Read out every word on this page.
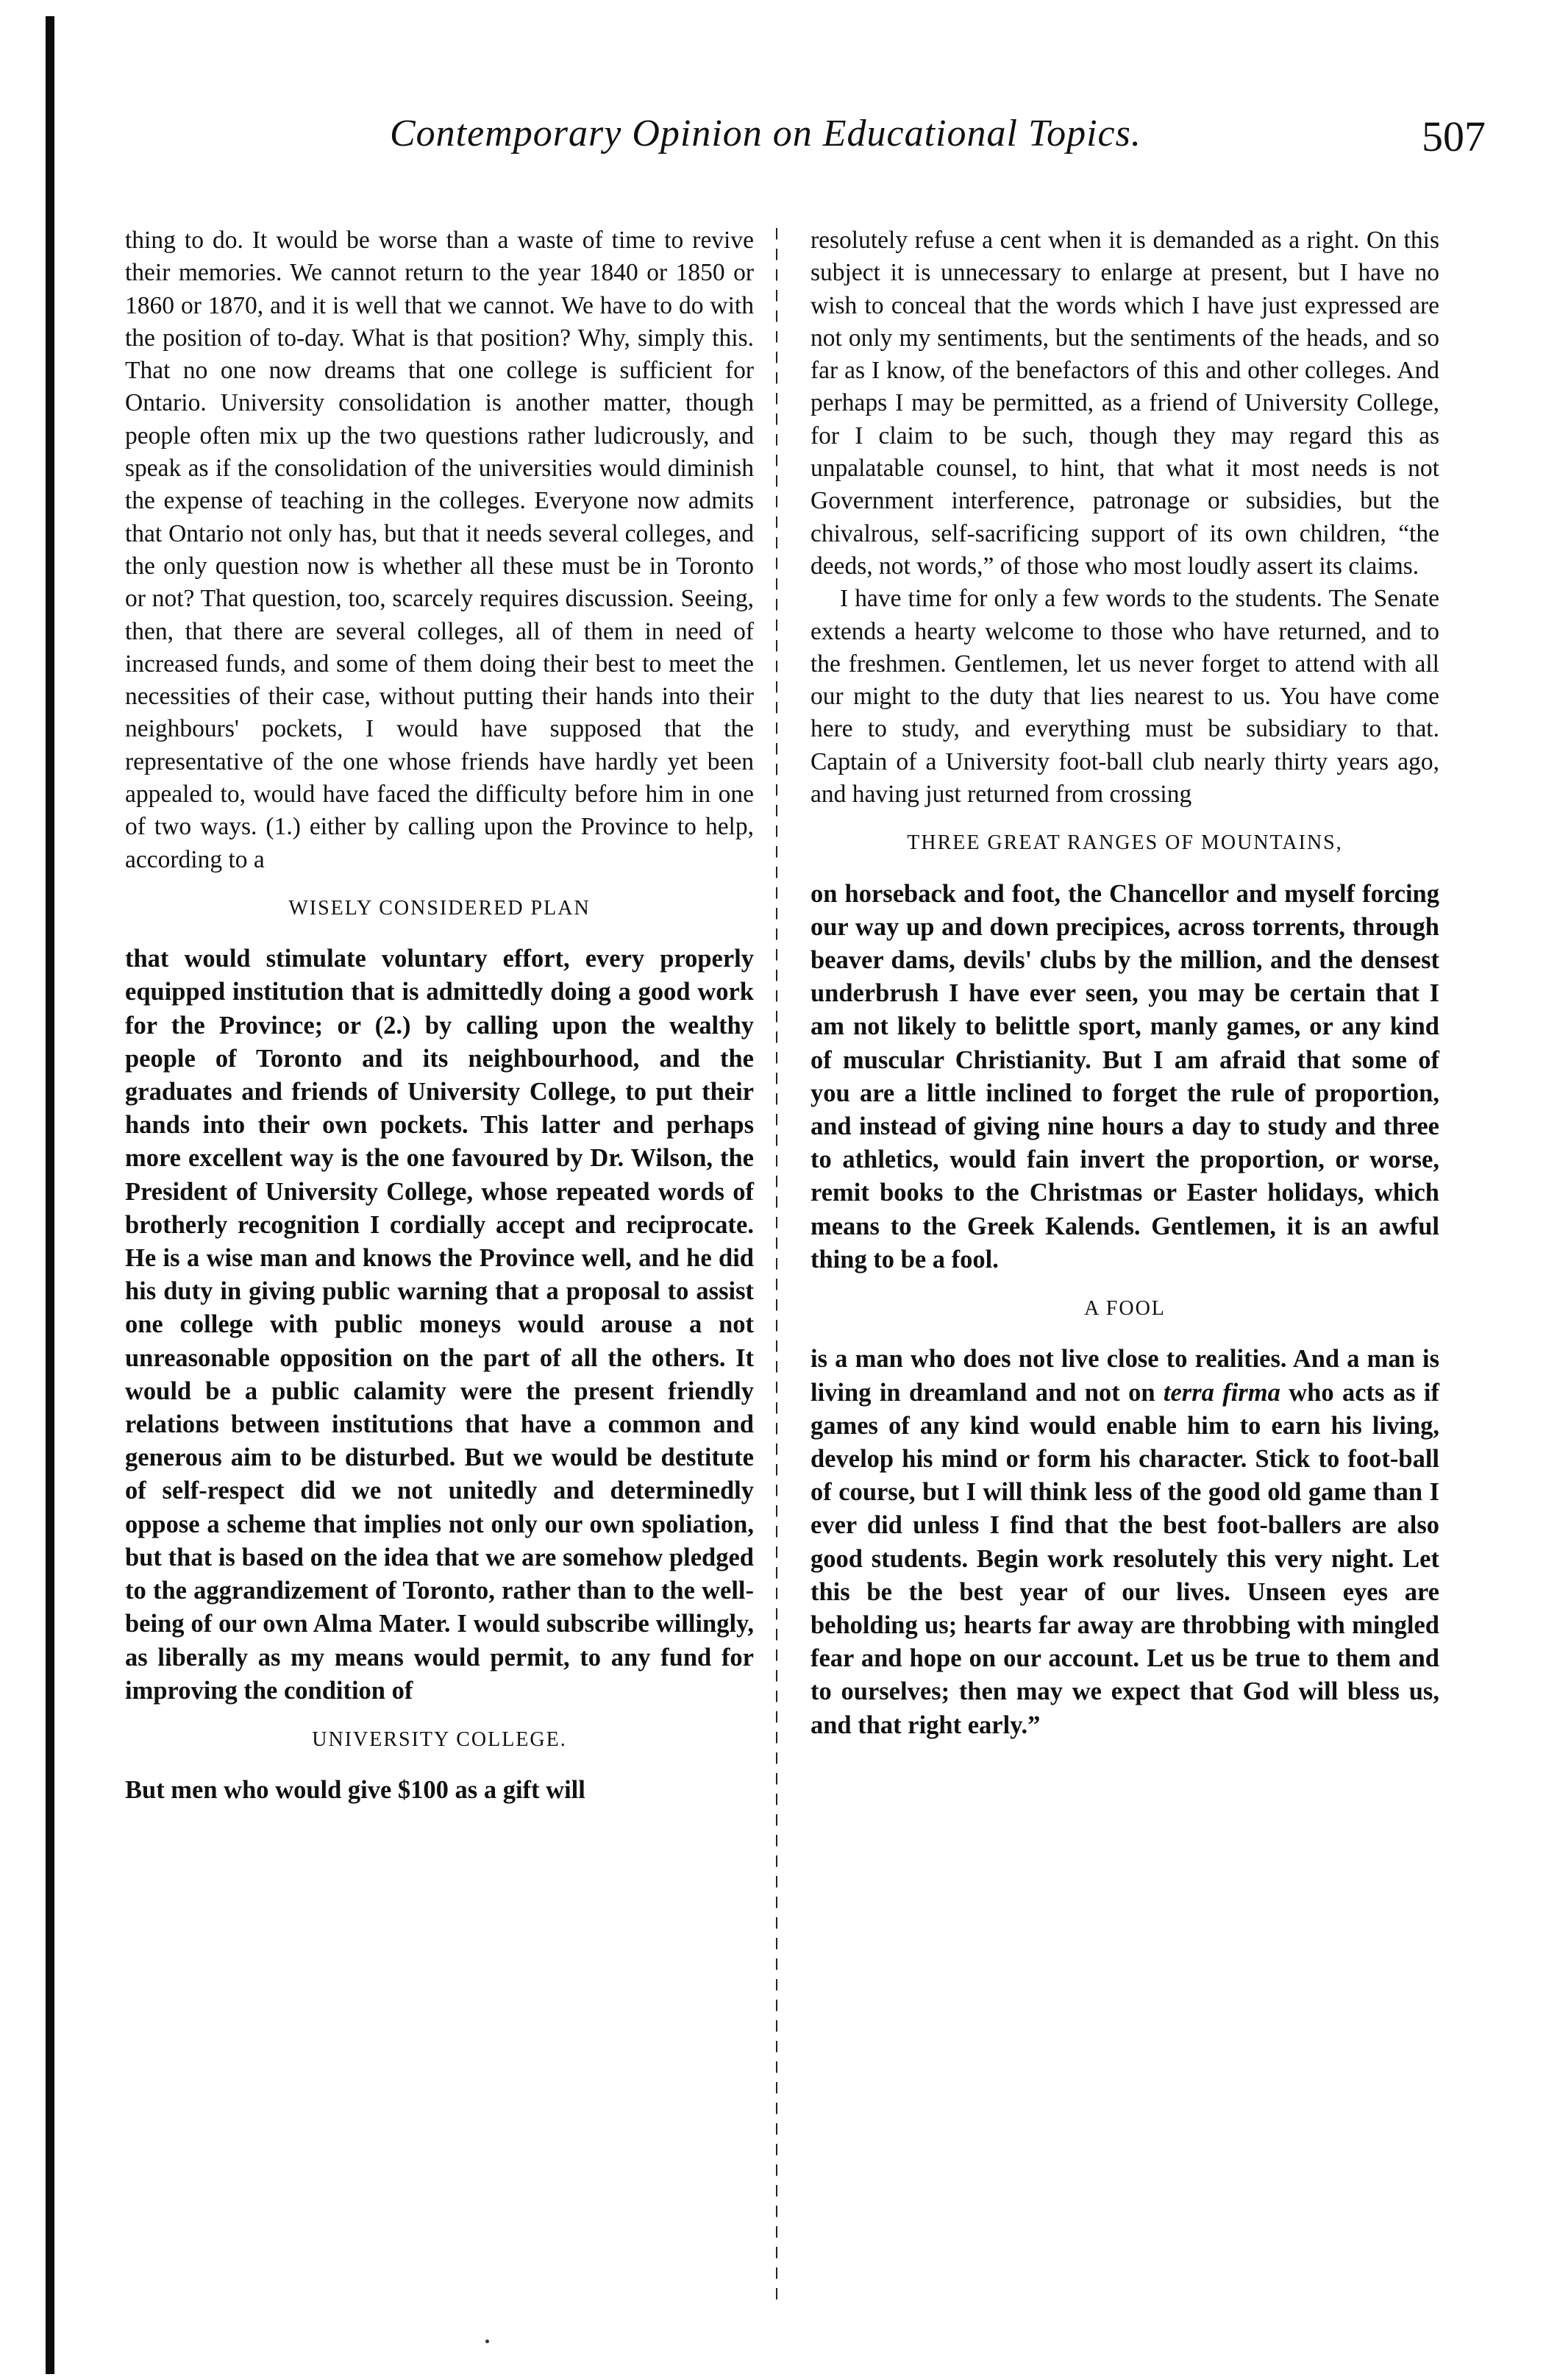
Contemporary Opinion on Educational Topics.	507

thing to do. It would be worse than a waste of time to revive their memories. We cannot return to the year 1840 or 1850 or 1860 or 1870, and it is well that we cannot. We have to do with the position of to-day. What is that position? Why, simply this. That no one now dreams that one college is sufficient for Ontario. University consolidation is another matter, though people often mix up the two questions rather ludicrously, and speak as if the consolidation of the universities would diminish the expense of teaching in the colleges. Everyone now admits that Ontario not only has, but that it needs several colleges, and the only question now is whether all these must be in Toronto or not? That question, too, scarcely requires discussion. Seeing, then, that there are several colleges, all of them in need of increased funds, and some of them doing their best to meet the necessities of their case, without putting their hands into their neighbours' pockets, I would have supposed that the representative of the one whose friends have hardly yet been appealed to, would have faced the difficulty before him in one of two ways. (1.) either by calling upon the Province to help, according to a

WISELY CONSIDERED PLAN

that would stimulate voluntary effort, every properly equipped institution that is admittedly doing a good work for the Province; or (2.) by calling upon the wealthy people of Toronto and its neighbourhood, and the graduates and friends of University College, to put their hands into their own pockets. This latter and perhaps more excellent way is the one favoured by Dr. Wilson, the President of University College, whose repeated words of brotherly recognition I cordially accept and reciprocate. He is a wise man and knows the Province well, and he did his duty in giving public warning that a proposal to assist one college with public moneys would arouse a not unreasonable opposition on the part of all the others. It would be a public calamity were the present friendly relations between institutions that have a common and generous aim to be disturbed. But we would be destitute of self-respect did we not unitedly and determinedly oppose a scheme that implies not only our own spoliation, but that is based on the idea that we are somehow pledged to the aggrandizement of Toronto, rather than to the well-being of our own Alma Mater. I would subscribe willingly, as liberally as my means would permit, to any fund for improving the condition of

UNIVERSITY COLLEGE.

But men who would give $100 as a gift will

resolutely refuse a cent when it is demanded as a right. On this subject it is unnecessary to enlarge at present, but I have no wish to conceal that the words which I have just expressed are not only my sentiments, but the sentiments of the heads, and so far as I know, of the benefactors of this and other colleges. And perhaps I may be permitted, as a friend of University College, for I claim to be such, though they may regard this as unpalatable counsel, to hint, that what it most needs is not Government interference, patronage or subsidies, but the chivalrous, self-sacrificing support of its own children, “the deeds, not words,” of those who most loudly assert its claims.

I have time for only a few words to the students. The Senate extends a hearty welcome to those who have returned, and to the freshmen. Gentlemen, let us never forget to attend with all our might to the duty that lies nearest to us. You have come here to study, and everything must be subsidiary to that. Captain of a University foot-ball club nearly thirty years ago, and having just returned from crossing

THREE GREAT RANGES OF MOUNTAINS,

on horseback and foot, the Chancellor and myself forcing our way up and down precipices, across torrents, through beaver dams, devils' clubs by the million, and the densest underbrush I have ever seen, you may be certain that I am not likely to belittle sport, manly games, or any kind of muscular Christianity. But I am afraid that some of you are a little inclined to forget the rule of proportion, and instead of giving nine hours a day to study and three to athletics, would fain invert the proportion, or worse, remit books to the Christmas or Easter holidays, which means to the Greek Kalends. Gentlemen, it is an awful thing to be a fool.

A FOOL

is a man who does not live close to realities. And a man is living in dreamland and not on terra firma who acts as if games of any kind would enable him to earn his living, develop his mind or form his character. Stick to foot-ball of course, but I will think less of the good old game than I ever did unless I find that the best foot-ballers are also good students. Begin work resolutely this very night. Let this be the best year of our lives. Unseen eyes are beholding us; hearts far away are throbbing with mingled fear and hope on our account. Let us be true to them and to ourselves; then may we expect that God will bless us, and that right early.”
